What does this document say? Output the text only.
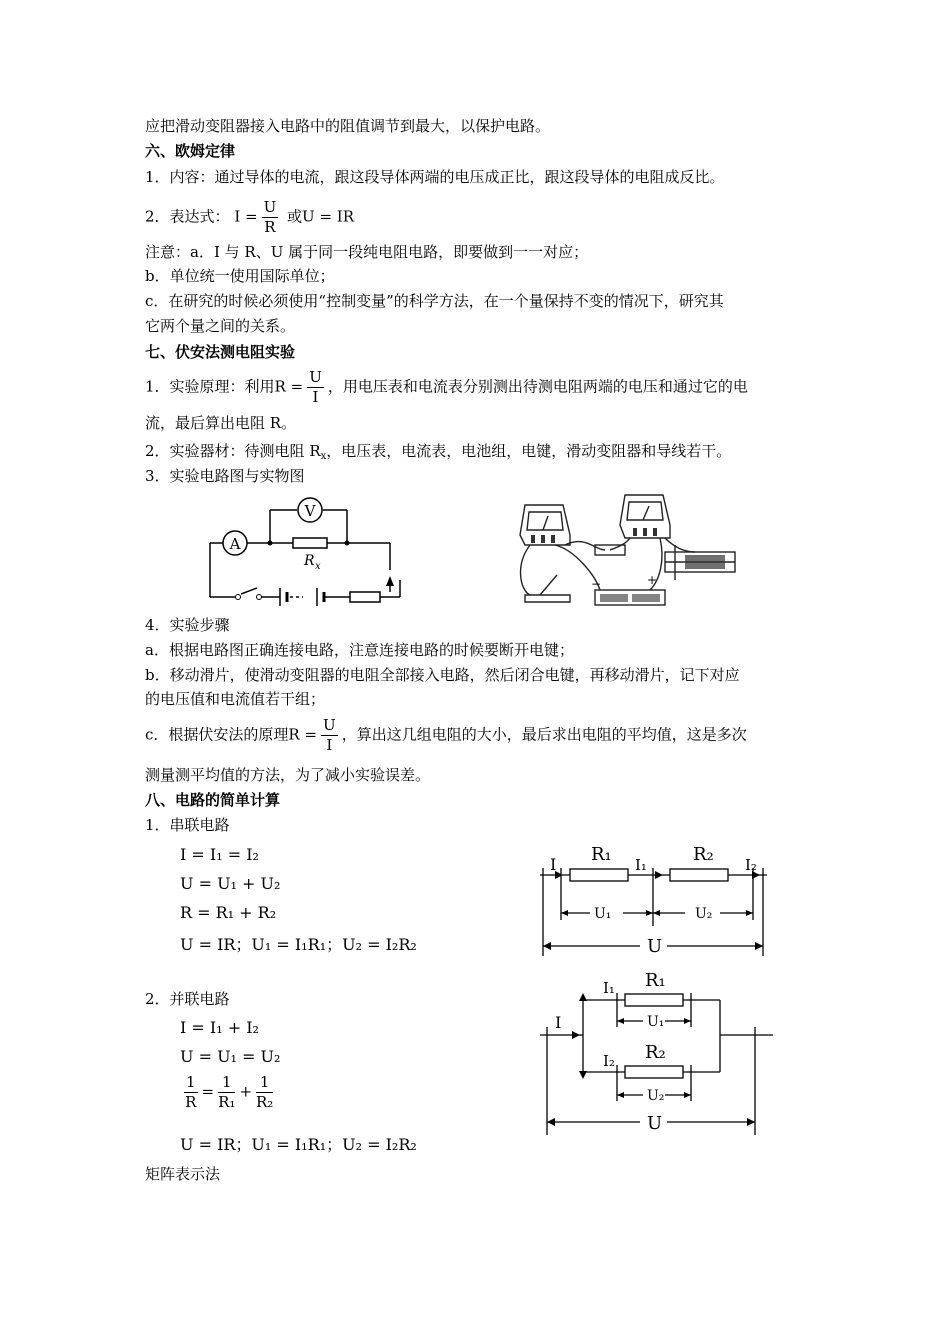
应把滑动变阻器接入电路中的阻值调节到最大，以保护电路。
六、欧姆定律
1．内容：通过导体的电流，跟这段导体两端的电压成正比，跟这段导体的电阻成反比。
2．表达式： $I = \frac{U}{R}$ 或U = IR
注意：a．I 与 R、U 属于同一段纯电阻电路，即要做到一一对应；
b．单位统一使用国际单位；
c．在研究的时候必须使用“控制变量”的科学方法，在一个量保持不变的情况下，研究其
它两个量之间的关系。
七、伏安法测电阻实验
1．实验原理：利用$R = \frac{U}{I}$ ，用电压表和电流表分别测出待测电阻两端的电压和通过它的电
流，最后算出电阻 R。
2．实验器材：待测电阻 $R_x$，电压表，电流表，电池组，电键，滑动变阻器和导线若干。
3．实验电路图与实物图
A
V
R x
−	+
4．实验步骤
a．根据电路图正确连接电路，注意连接电路的时候要断开电键；
b．移动滑片，使滑动变阻器的电阻全部接入电路，然后闭合电键，再移动滑片，记下对应
的电压值和电流值若干组；
c．根据伏安法的原理$R = \frac{U}{I}$ ，算出这几组电阻的大小，最后求出电阻的平均值，这是多次
测量测平均值的方法，为了减小实验误差。
八、电路的简单计算
1．串联电路
I = I₁ = I₂
U = U₁ + U₂
R = R₁ + R₂
U = IR；U₁ = I₁R₁；U₂ = I₂R₂
I R₁ I₁	R₂ I₂
U₁	U₂
U
2．并联电路
I = I₁ + I₂
U = U₁ = U₂
$\frac{1}{R} = \frac{1}{\text{R₁}} + \frac{1}{\text{R₂}}$
U = IR；U₁ = I₁R₁；U₂ = I₂R₂
I
I₁ R₁
U₁
I₂ R₂
U₂
U
矩阵表示法
